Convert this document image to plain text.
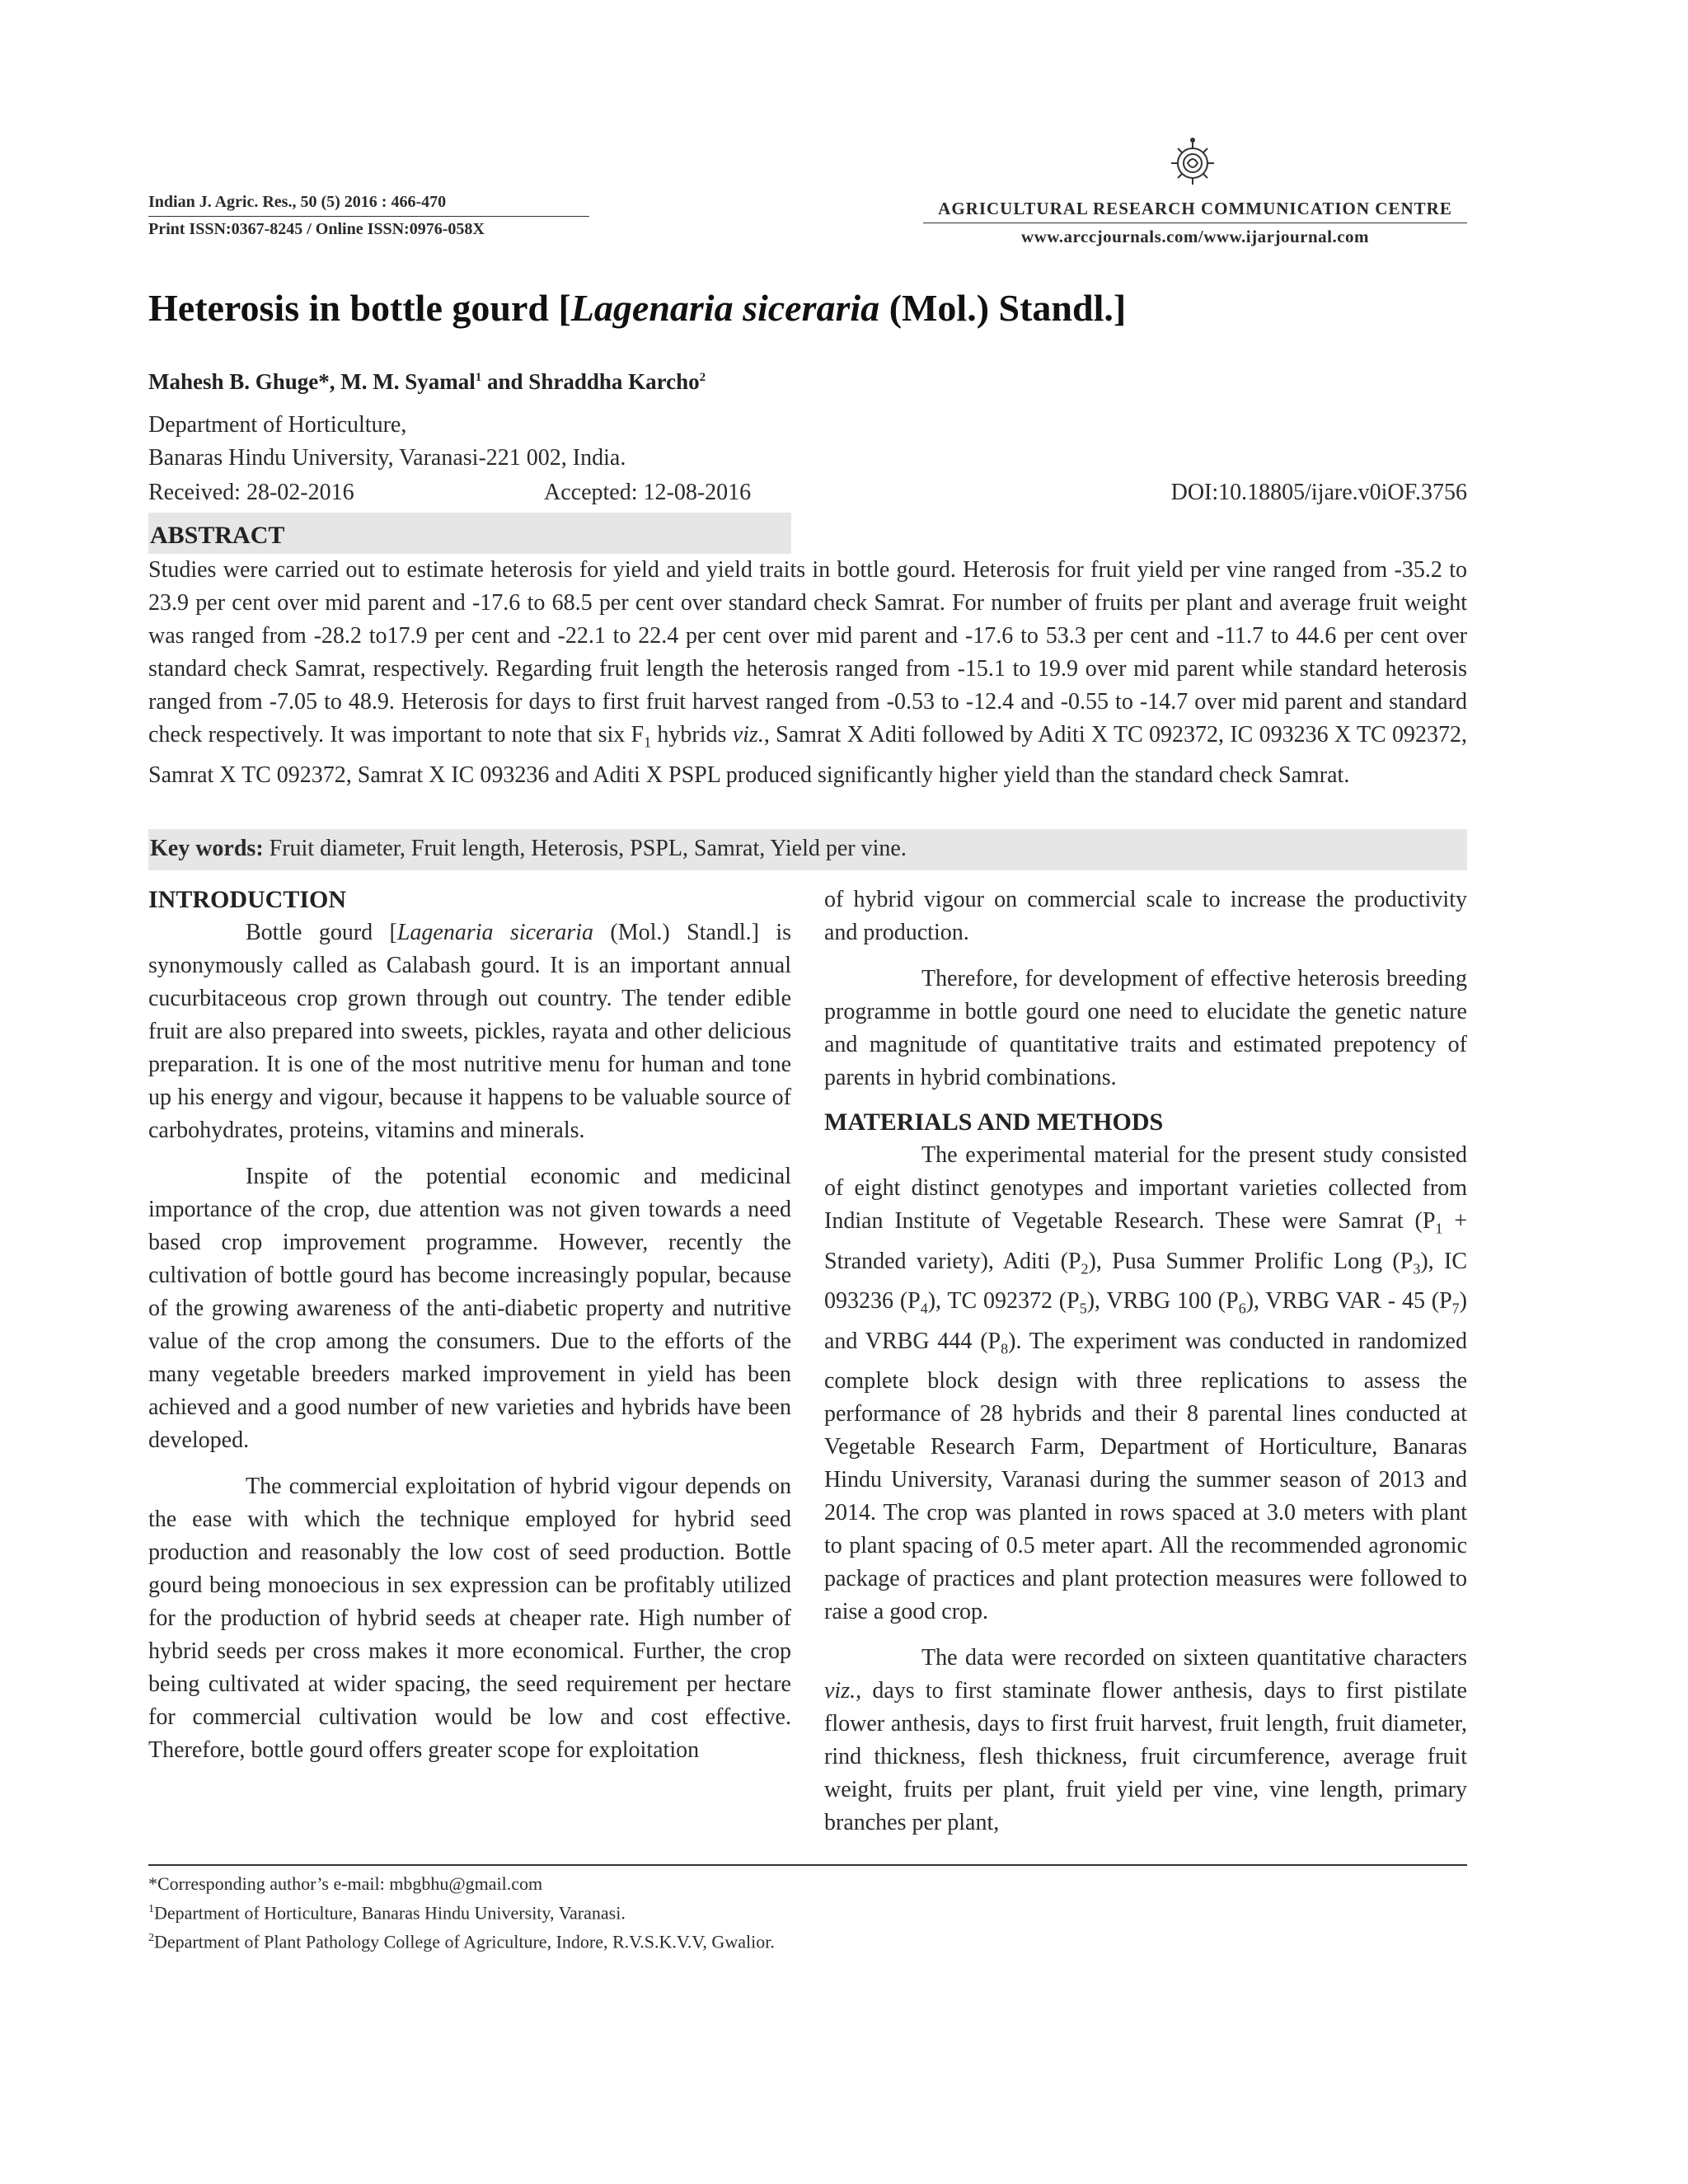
Indian J. Agric. Res., 50 (5) 2016 : 466-470
Print ISSN:0367-8245 / Online ISSN:0976-058X
AGRICULTURAL RESEARCH COMMUNICATION CENTRE
www.arccjournals.com/www.ijarjournal.com
Heterosis in bottle gourd [Lagenaria siceraria (Mol.) Standl.]
Mahesh B. Ghuge*, M. M. Syamal$^1$ and Shraddha Karcho$^2$
Department of Horticulture,
Banaras Hindu University, Varanasi-221 002, India.
Received: 28-02-2016	Accepted: 12-08-2016	DOI:10.18805/ijare.v0iOF.3756
ABSTRACT
Studies were carried out to estimate heterosis for yield and yield traits in bottle gourd. Heterosis for fruit yield per vine ranged from -35.2 to 23.9 per cent over mid parent and -17.6 to 68.5 per cent over standard check Samrat. For number of fruits per plant and average fruit weight was ranged from -28.2 to17.9 per cent and -22.1 to 22.4 per cent over mid parent and -17.6 to 53.3 per cent and -11.7 to 44.6 per cent over standard check Samrat, respectively. Regarding fruit length the heterosis ranged from -15.1 to 19.9 over mid parent while standard heterosis ranged from -7.05 to 48.9. Heterosis for days to first fruit harvest ranged from -0.53 to -12.4 and -0.55 to -14.7 over mid parent and standard check respectively. It was important to note that six $F_1$ hybrids viz., Samrat X Aditi followed by Aditi X TC 092372, IC 093236 X TC 092372, Samrat X TC 092372, Samrat X IC 093236 and Aditi X PSPL produced significantly higher yield than the standard check Samrat.
Key words: Fruit diameter, Fruit length, Heterosis, PSPL, Samrat, Yield per vine.
INTRODUCTION

Bottle gourd [Lagenaria siceraria (Mol.) Standl.] is synonymously called as Calabash gourd. It is an important annual cucurbitaceous crop grown through out country. The tender edible fruit are also prepared into sweets, pickles, rayata and other delicious preparation. It is one of the most nutritive menu for human and tone up his energy and vigour, because it happens to be valuable source of carbohydrates, proteins, vitamins and minerals.

Inspite of the potential economic and medicinal importance of the crop, due attention was not given towards a need based crop improvement programme. However, recently the cultivation of bottle gourd has become increasingly popular, because of the growing awareness of the anti-diabetic property and nutritive value of the crop among the consumers. Due to the efforts of the many vegetable breeders marked improvement in yield has been achieved and a good number of new varieties and hybrids have been developed.

The commercial exploitation of hybrid vigour depends on the ease with which the technique employed for hybrid seed production and reasonably the low cost of seed production. Bottle gourd being monoecious in sex expression can be profitably utilized for the production of hybrid seeds at cheaper rate. High number of hybrid seeds per cross makes it more economical. Further, the crop being cultivated at wider spacing, the seed requirement per hectare for commercial cultivation would be low and cost effective. Therefore, bottle gourd offers greater scope for exploitation

of hybrid vigour on commercial scale to increase the productivity and production.

Therefore, for development of effective heterosis breeding programme in bottle gourd one need to elucidate the genetic nature and magnitude of quantitative traits and estimated prepotency of parents in hybrid combinations.

MATERIALS AND METHODS

The experimental material for the present study consisted of eight distinct genotypes and important varieties collected from Indian Institute of Vegetable Research. These were Samrat ($P_1$ + Stranded variety), Aditi $(P_2)$, Pusa Summer Prolific Long $(P_3)$, IC 093236 $(P_4)$, TC 092372 $(P_5)$, VRBG 100 $(P_6)$, VRBG VAR - 45 $(P_7)$ and VRBG 444 $(P_8)$. The experiment was conducted in randomized complete block design with three replications to assess the performance of 28 hybrids and their 8 parental lines conducted at Vegetable Research Farm, Department of Horticulture, Banaras Hindu University, Varanasi during the summer season of 2013 and 2014. The crop was planted in rows spaced at 3.0 meters with plant to plant spacing of 0.5 meter apart. All the recommended agronomic package of practices and plant protection measures were followed to raise a good crop.

The data were recorded on sixteen quantitative characters viz., days to first staminate flower anthesis, days to first pistilate flower anthesis, days to first fruit harvest, fruit length, fruit diameter, rind thickness, flesh thickness, fruit circumference, average fruit weight, fruits per plant, fruit yield per vine, vine length, primary branches per plant,

*Corresponding author’s e-mail: mbgbhu@gmail.com
$^1$Department of Horticulture, Banaras Hindu University, Varanasi.
$^2$Department of Plant Pathology College of Agriculture, Indore, R.V.S.K.V.V, Gwalior.
